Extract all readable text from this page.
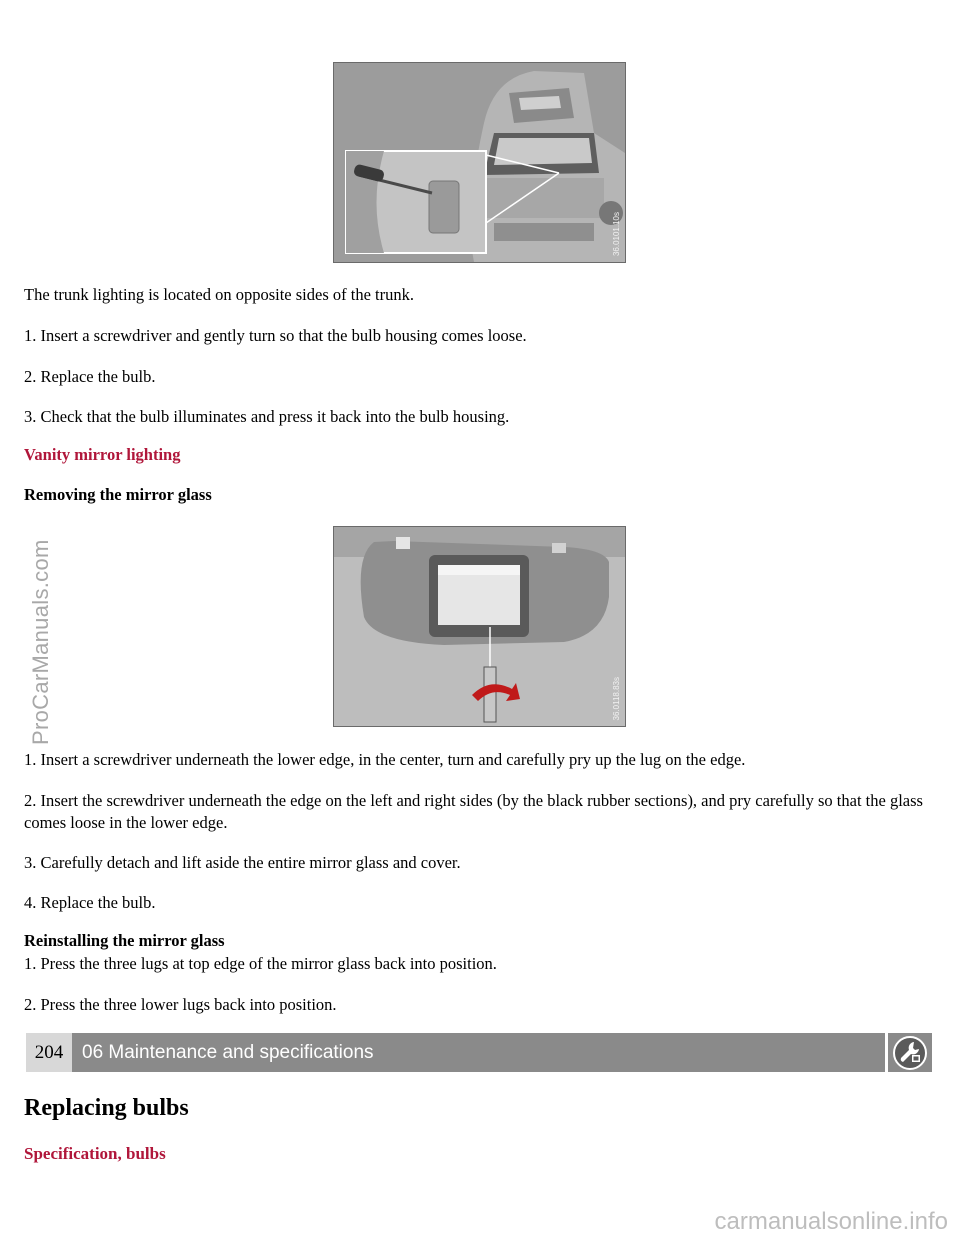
ProCarManuals.com
carmanualsonline.info
36.0101.10s

The trunk lighting is located on opposite sides of the trunk.

1. Insert a screwdriver and gently turn so that the bulb housing comes loose.

2. Replace the bulb.

3. Check that the bulb illuminates and press it back into the bulb housing.

Vanity mirror lighting

Removing the mirror glass

36.0118.83s

1. Insert a screwdriver underneath the lower edge, in the center, turn and carefully pry up the lug on the edge.

2. Insert the screwdriver underneath the edge on the left and right sides (by the black rubber sections), and pry carefully so that the glass comes loose in the lower edge.

3. Carefully detach and lift aside the entire mirror glass and cover.

4. Replace the bulb.

Reinstalling the mirror glass

1. Press the three lugs at top edge of the mirror glass back into position.

2. Press the three lower lugs back into position.

204 06 Maintenance and specifications
Replacing bulbs
Specification, bulbs
